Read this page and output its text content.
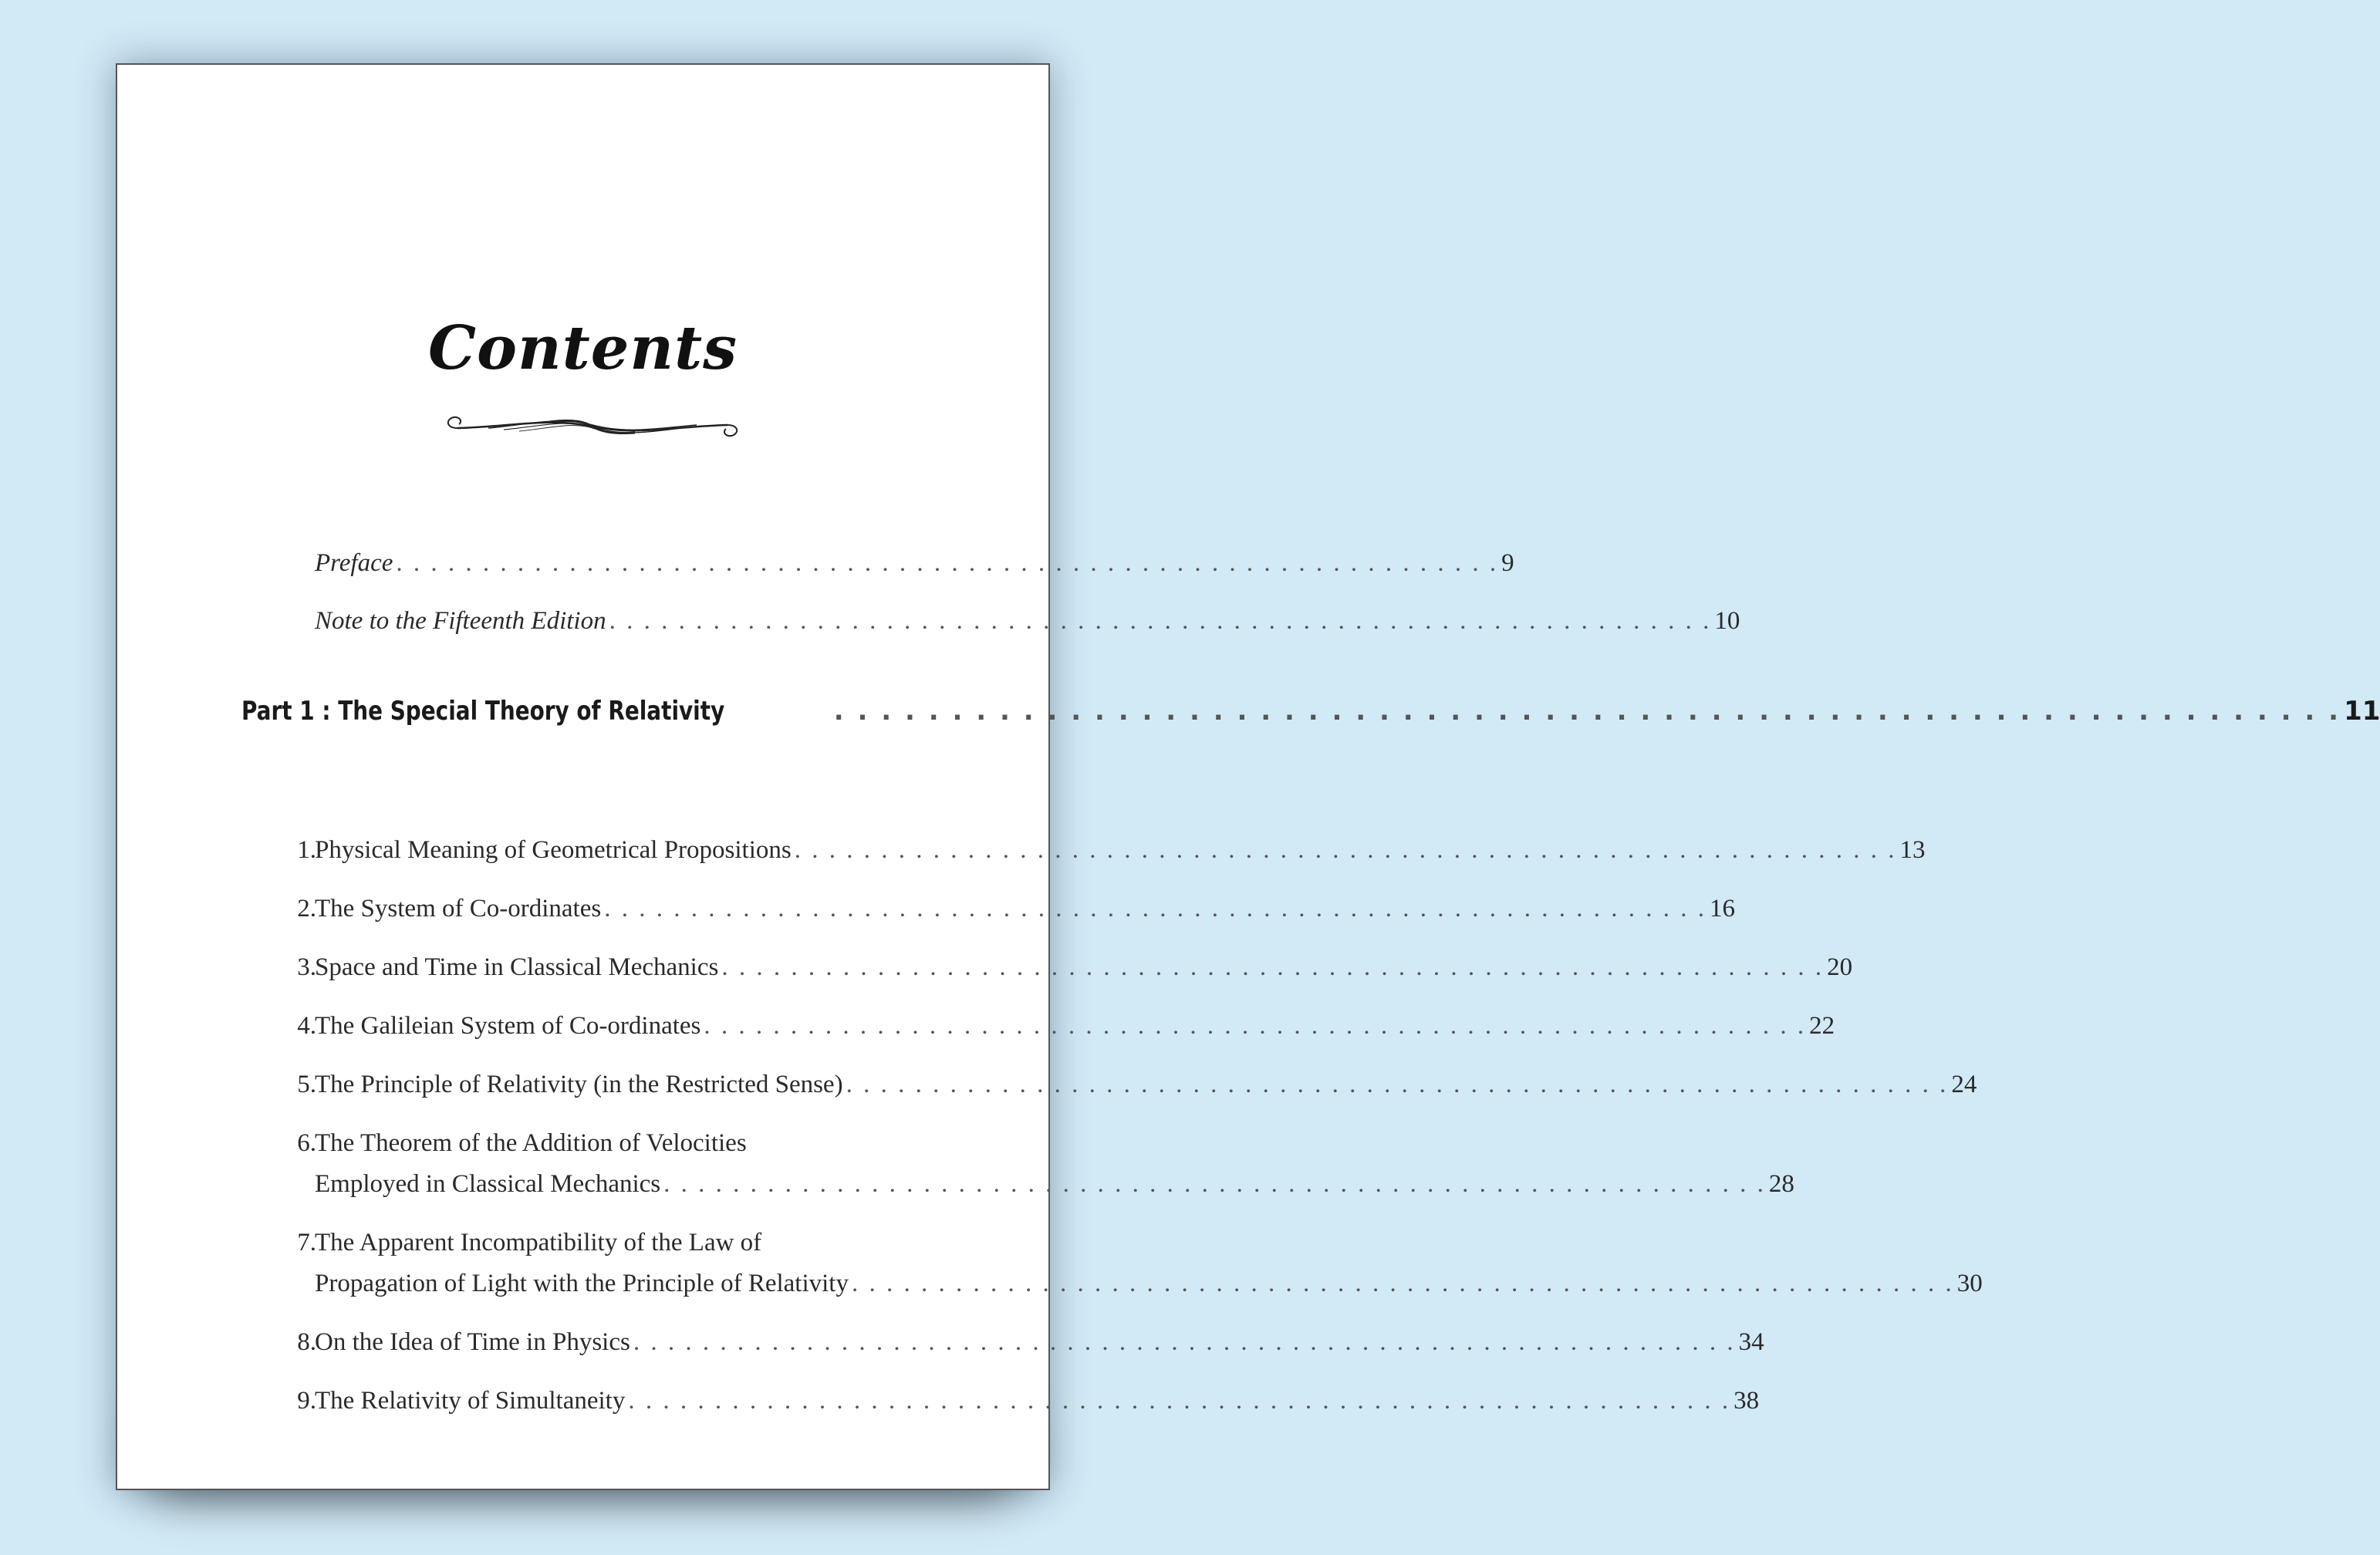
Contents
Preface . . . . . . . . . . . . . . . . . . . . . . . . . . . . . . . . . . . . . . . . . . . . . . . . . . . . . . . . . . . . . . . . 9
Note to the Fifteenth Edition . . . . . . . . . . . . . . . . . . . . . . . . . . . . . . . . . . . . . . . . . . . . . . . . . . . . . . . . . . . . . . . . 10
Part 1 : The Special Theory of Relativity	. . . . . . . . . . . . . . . . . . . . . . . . . . . . . . . . . . . . . . . . . . . . . . . . . . . . . . . . . . . . . . . . 11
1.
Physical Meaning of Geometrical Propositions . . . . . . . . . . . . . . . . . . . . . . . . . . . . . . . . . . . . . . . . . . . . . . . . . . . . . . . . . . . . . . . . 13
2.
The System of Co-ordinates . . . . . . . . . . . . . . . . . . . . . . . . . . . . . . . . . . . . . . . . . . . . . . . . . . . . . . . . . . . . . . . . 16
3.
Space and Time in Classical Mechanics . . . . . . . . . . . . . . . . . . . . . . . . . . . . . . . . . . . . . . . . . . . . . . . . . . . . . . . . . . . . . . . . 20
4.
The Galileian System of Co-ordinates . . . . . . . . . . . . . . . . . . . . . . . . . . . . . . . . . . . . . . . . . . . . . . . . . . . . . . . . . . . . . . . . 22
5.
The Principle of Relativity (in the Restricted Sense) . . . . . . . . . . . . . . . . . . . . . . . . . . . . . . . . . . . . . . . . . . . . . . . . . . . . . . . . . . . . . . . . 24
6.
The Theorem of the Addition of Velocities
Employed in Classical Mechanics . . . . . . . . . . . . . . . . . . . . . . . . . . . . . . . . . . . . . . . . . . . . . . . . . . . . . . . . . . . . . . . . 28
7.
The Apparent Incompatibility of the Law of
Propagation of Light with the Principle of Relativity . . . . . . . . . . . . . . . . . . . . . . . . . . . . . . . . . . . . . . . . . . . . . . . . . . . . . . . . . . . . . . . . 30
8.
On the Idea of Time in Physics . . . . . . . . . . . . . . . . . . . . . . . . . . . . . . . . . . . . . . . . . . . . . . . . . . . . . . . . . . . . . . . . 34
9.
The Relativity of Simultaneity . . . . . . . . . . . . . . . . . . . . . . . . . . . . . . . . . . . . . . . . . . . . . . . . . . . . . . . . . . . . . . . . 38
